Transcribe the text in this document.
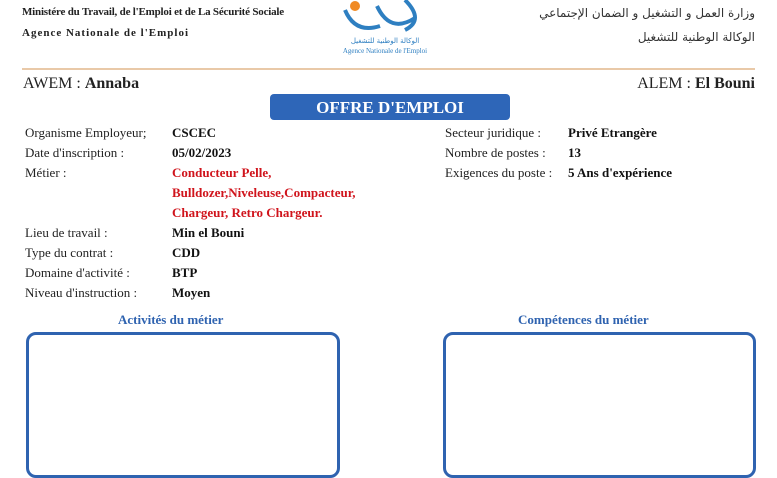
Ministére du Travail, de l'Emploi et de La Sécurité Sociale
Agence Nationale de l'Emploi
الوكالة الوطنية للتشغيل
Agence Nationale de l'Emploi
وزارة العمل و التشغيل و الضمان الإجتماعي
الوكالة الوطنية للتشغيل
AWEM : Annaba	ALEM : El Bouni
OFFRE D'EMPLOI
Organisme Employeur;	CSCEC
Date d'inscription :	05/02/2023
Métier :	Conducteur Pelle,
Bulldozer,Niveleuse,Compacteur,
Chargeur, Retro Chargeur.
Lieu de travail :	Min el Bouni
Type du contrat :	CDD
Domaine d'activité :	BTP
Niveau d'instruction :	Moyen
Secteur juridique :	Privé Etrangère
Nombre de postes :	13
Exigences du poste :	5 Ans d'expérience
Activités du métier	Compétences du métier
